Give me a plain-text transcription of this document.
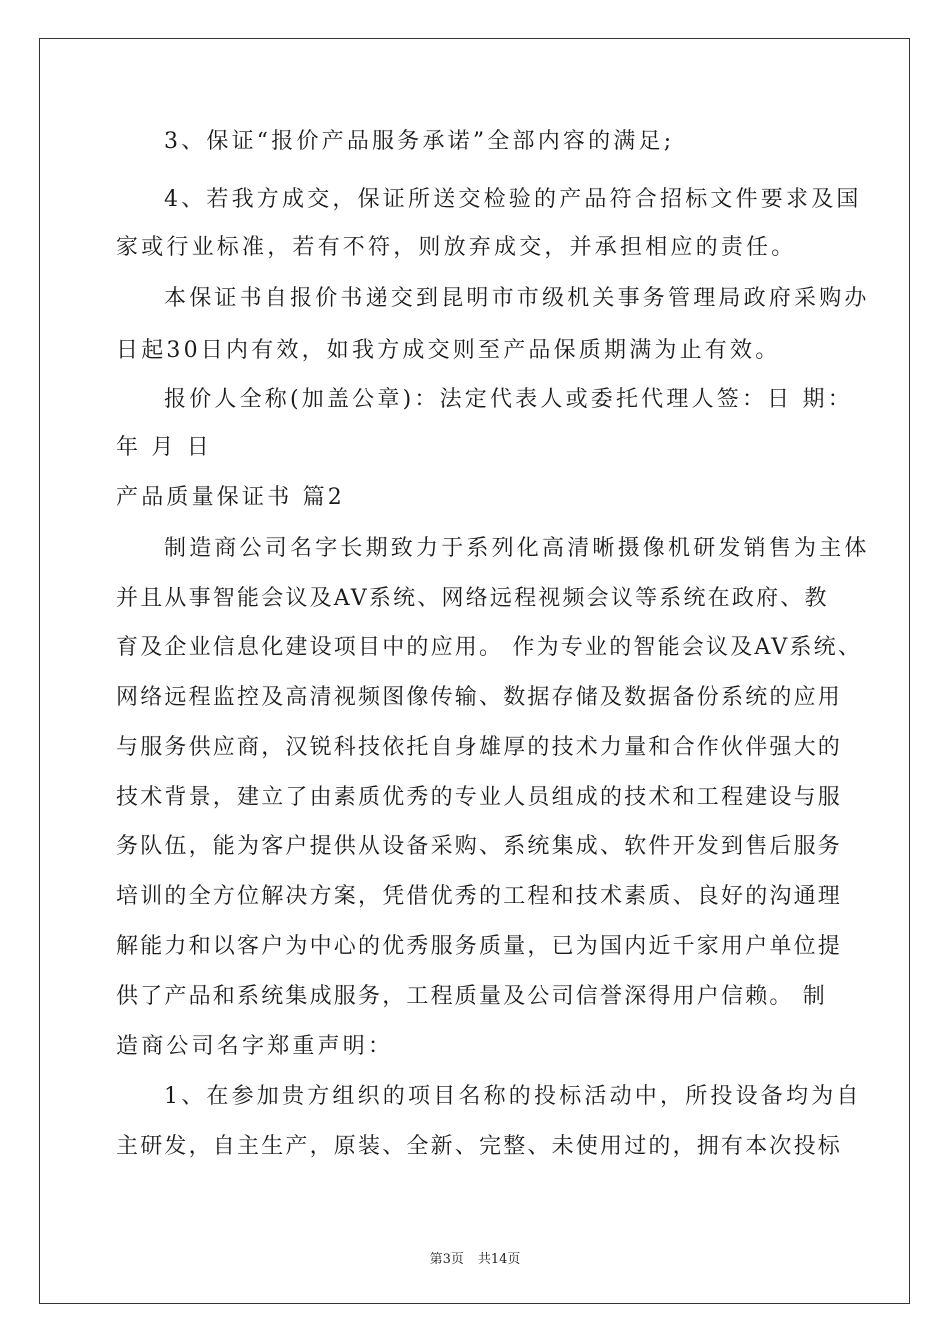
3、保证“报价产品服务承诺”全部内容的满足;
4、若我方成交，保证所送交检验的产品符合招标文件要求及国
家或行业标准，若有不符，则放弃成交，并承担相应的责任。
本保证书自报价书递交到昆明市市级机关事务管理局政府采购办
日起30日内有效，如我方成交则至产品保质期满为止有效。
报价人全称(加盖公章)：法定代表人或委托代理人签：日 期：
年 月 日
产品质量保证书 篇2
制造商公司名字长期致力于系列化高清晰摄像机研发销售为主体
并且从事智能会议及AV系统、网络远程视频会议等系统在政府、教
育及企业信息化建设项目中的应用。 作为专业的智能会议及AV系统、
网络远程监控及高清视频图像传输、数据存储及数据备份系统的应用
与服务供应商，汉锐科技依托自身雄厚的技术力量和合作伙伴强大的
技术背景，建立了由素质优秀的专业人员组成的技术和工程建设与服
务队伍，能为客户提供从设备采购、系统集成、软件开发到售后服务
培训的全方位解决方案，凭借优秀的工程和技术素质、良好的沟通理
解能力和以客户为中心的优秀服务质量，已为国内近千家用户单位提
供了产品和系统集成服务，工程质量及公司信誉深得用户信赖。 制
造商公司名字郑重声明：
1、在参加贵方组织的项目名称的投标活动中，所投设备均为自
主研发，自主生产，原装、全新、完整、未使用过的，拥有本次投标
第3页 共14页
